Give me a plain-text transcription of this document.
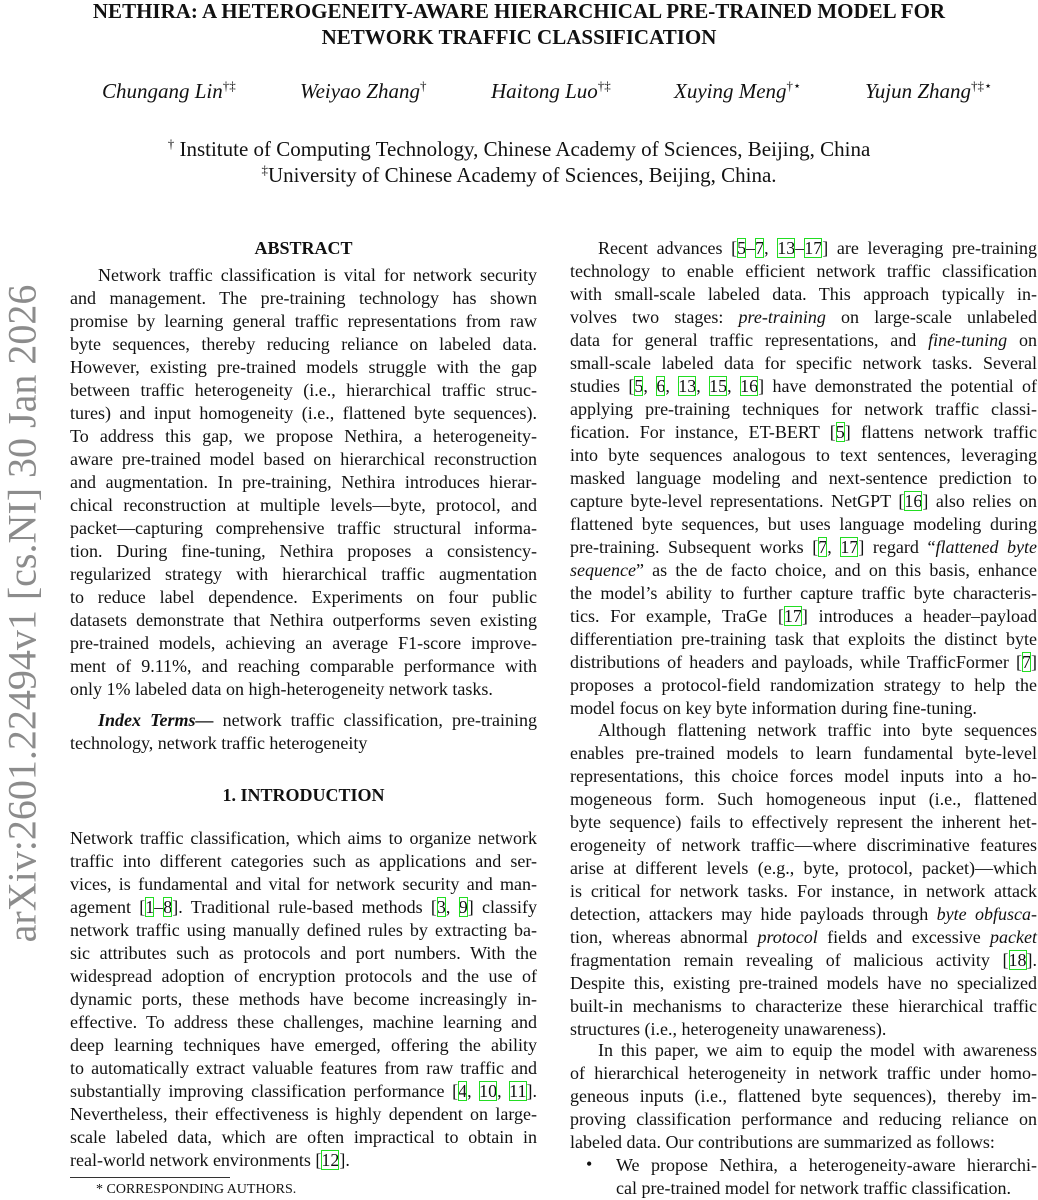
NETHIRA: A HETEROGENEITY-AWARE HIERARCHICAL PRE-TRAINED MODEL FOR
NETWORK TRAFFIC CLASSIFICATION
Chungang Lin†‡	Weiyao Zhang†	Haitong Luo†‡	Xuying Meng†⋆	Yujun Zhang†‡⋆
† Institute of Computing Technology, Chinese Academy of Sciences, Beijing, China
‡University of Chinese Academy of Sciences, Beijing, China.
arXiv:2601.22494v1 [cs.NI] 30 Jan 2026
ABSTRACT
Network traffic classification is vital for network security
and management. The pre-training technology has shown
promise by learning general traffic representations from raw
byte sequences, thereby reducing reliance on labeled data.
However, existing pre-trained models struggle with the gap
between traffic heterogeneity (i.e., hierarchical traffic struc-
tures) and input homogeneity (i.e., flattened byte sequences).
To address this gap, we propose Nethira, a heterogeneity-
aware pre-trained model based on hierarchical reconstruction
and augmentation. In pre-training, Nethira introduces hierar-
chical reconstruction at multiple levels—byte, protocol, and
packet—capturing comprehensive traffic structural informa-
tion. During fine-tuning, Nethira proposes a consistency-
regularized strategy with hierarchical traffic augmentation
to reduce label dependence. Experiments on four public
datasets demonstrate that Nethira outperforms seven existing
pre-trained models, achieving an average F1-score improve-
ment of 9.11%, and reaching comparable performance with
only 1% labeled data on high-heterogeneity network tasks.
Index Terms— network traffic classification, pre-training
technology, network traffic heterogeneity
1. INTRODUCTION
Network traffic classification, which aims to organize network
traffic into different categories such as applications and ser-
vices, is fundamental and vital for network security and man-
agement [1–8]. Traditional rule-based methods [3, 9] classify
network traffic using manually defined rules by extracting ba-
sic attributes such as protocols and port numbers. With the
widespread adoption of encryption protocols and the use of
dynamic ports, these methods have become increasingly in-
effective. To address these challenges, machine learning and
deep learning techniques have emerged, offering the ability
to automatically extract valuable features from raw traffic and
substantially improving classification performance [4, 10, 11].
Nevertheless, their effectiveness is highly dependent on large-
scale labeled data, which are often impractical to obtain in
real-world network environments [12].
* CORRESPONDING AUTHORS.
Recent advances [5–7, 13–17] are leveraging pre-training
technology to enable efficient network traffic classification
with small-scale labeled data. This approach typically in-
volves two stages: pre-training on large-scale unlabeled
data for general traffic representations, and fine-tuning on
small-scale labeled data for specific network tasks. Several
studies [5, 6, 13, 15, 16] have demonstrated the potential of
applying pre-training techniques for network traffic classi-
fication. For instance, ET-BERT [5] flattens network traffic
into byte sequences analogous to text sentences, leveraging
masked language modeling and next-sentence prediction to
capture byte-level representations. NetGPT [16] also relies on
flattened byte sequences, but uses language modeling during
pre-training. Subsequent works [7, 17] regard “flattened byte
sequence” as the de facto choice, and on this basis, enhance
the model’s ability to further capture traffic byte characteris-
tics. For example, TraGe [17] introduces a header–payload
differentiation pre-training task that exploits the distinct byte
distributions of headers and payloads, while TrafficFormer [7]
proposes a protocol-field randomization strategy to help the
model focus on key byte information during fine-tuning.
Although flattening network traffic into byte sequences
enables pre-trained models to learn fundamental byte-level
representations, this choice forces model inputs into a ho-
mogeneous form. Such homogeneous input (i.e., flattened
byte sequence) fails to effectively represent the inherent het-
erogeneity of network traffic—where discriminative features
arise at different levels (e.g., byte, protocol, packet)—which
is critical for network tasks. For instance, in network attack
detection, attackers may hide payloads through byte obfusca-
tion, whereas abnormal protocol fields and excessive packet
fragmentation remain revealing of malicious activity [18].
Despite this, existing pre-trained models have no specialized
built-in mechanisms to characterize these hierarchical traffic
structures (i.e., heterogeneity unawareness).
In this paper, we aim to equip the model with awareness
of hierarchical heterogeneity in network traffic under homo-
geneous inputs (i.e., flattened byte sequences), thereby im-
proving classification performance and reducing reliance on
labeled data. Our contributions are summarized as follows:
• We propose Nethira, a heterogeneity-aware hierarchi-
cal pre-trained model for network traffic classification.
